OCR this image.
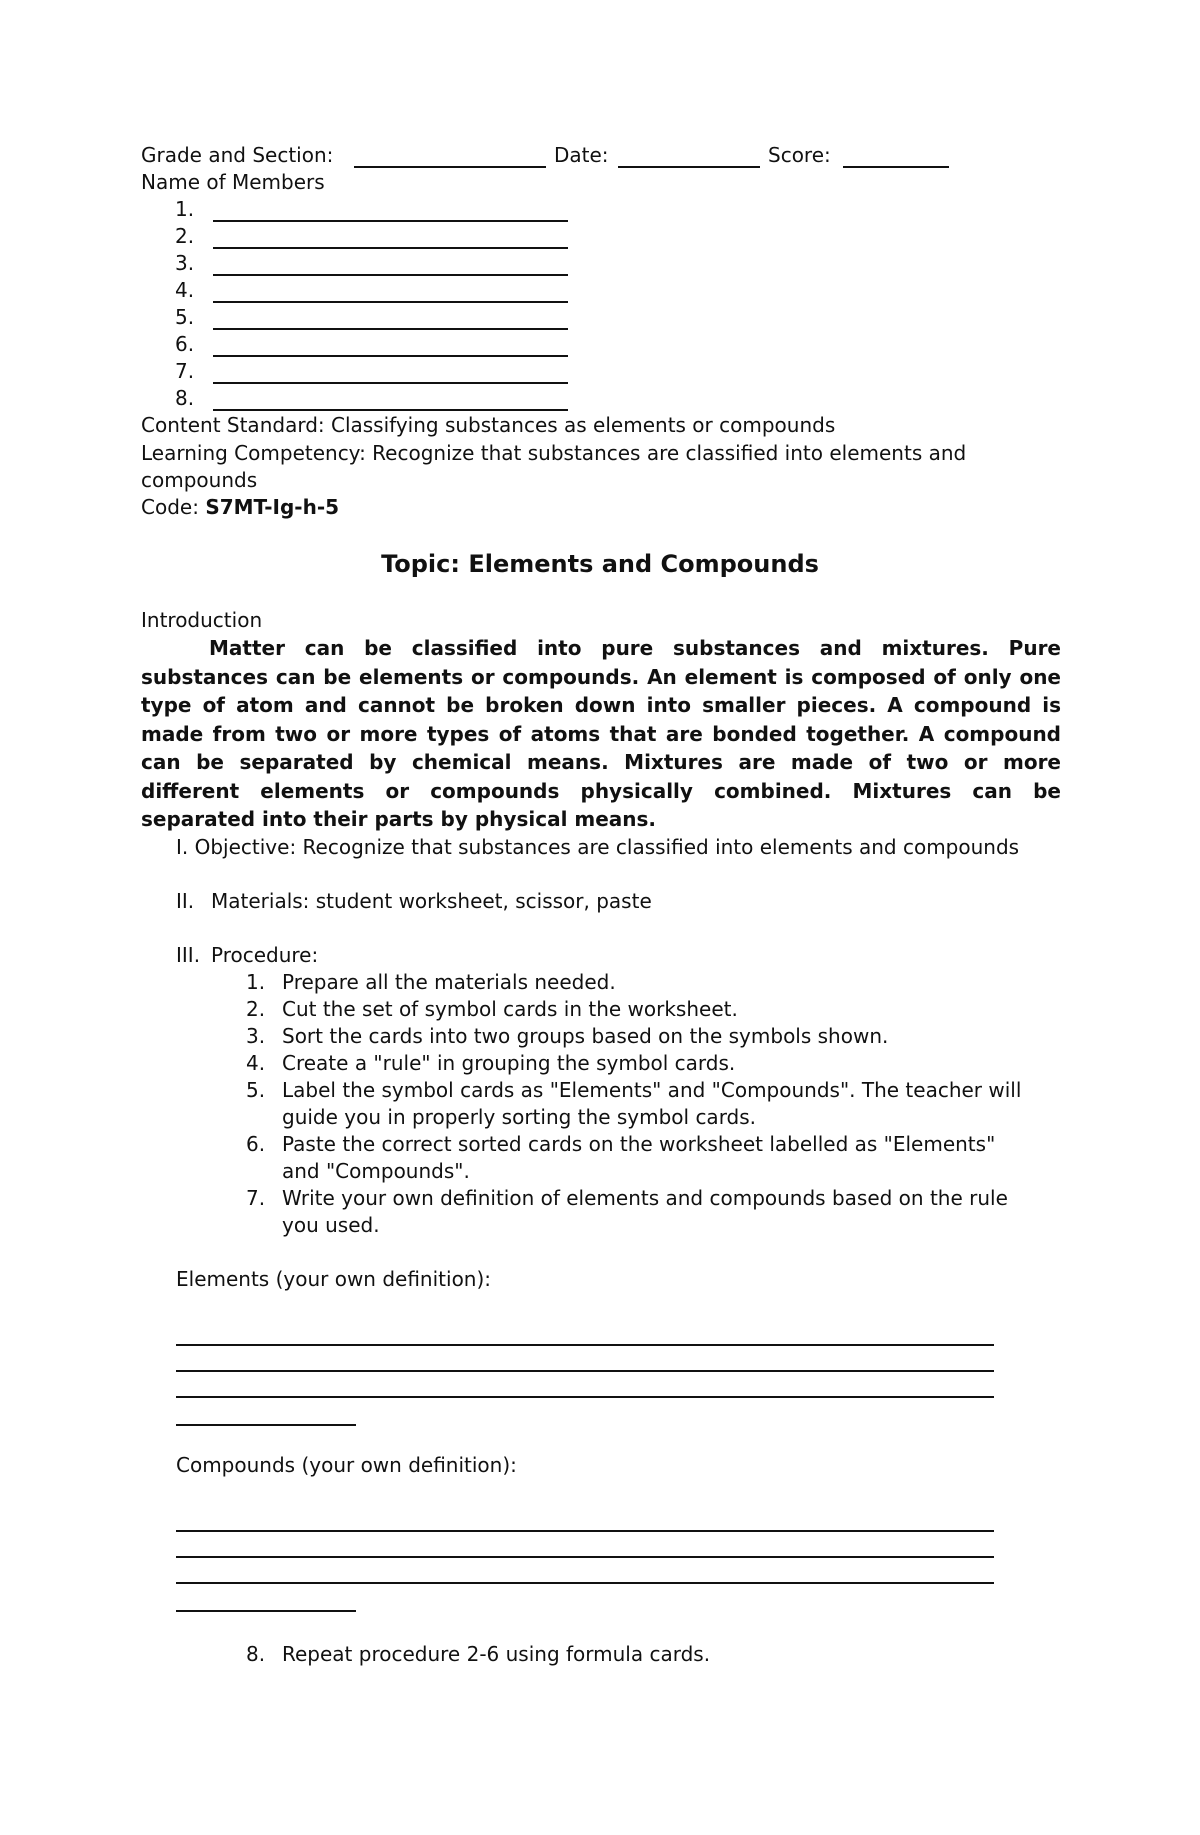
Grade and Section:	Date:	Score:
Name of Members
1.
2.
3.
4.
5.
6.
7.
8.
Content Standard: Classifying substances as elements or compounds
Learning Competency: Recognize that substances are classified into elements and
compounds
Code: S7MT-Ig-h-5
Topic: Elements and Compounds
Introduction
Matter can be classified into pure substances and mixtures. Pure substances can be elements or compounds. An element is composed of only one type of atom and cannot be broken down into smaller pieces. A compound is made from two or more types of atoms that are bonded together. A compound can be separated by chemical means. Mixtures are made of two or more different elements or compounds physically combined. Mixtures can be separated into their parts by physical means.
I. Objective: Recognize that substances are classified into elements and compounds
II. Materials: student worksheet, scissor, paste
III. Procedure:
1. Prepare all the materials needed.
2. Cut the set of symbol cards in the worksheet.
3. Sort the cards into two groups based on the symbols shown.
4. Create a "rule" in grouping the symbol cards.
5. Label the symbol cards as "Elements" and "Compounds". The teacher will
guide you in properly sorting the symbol cards.
6. Paste the correct sorted cards on the worksheet labelled as "Elements"
and "Compounds".
7. Write your own definition of elements and compounds based on the rule
you used.
Elements (your own definition):
Compounds (your own definition):
8. Repeat procedure 2-6 using formula cards.
